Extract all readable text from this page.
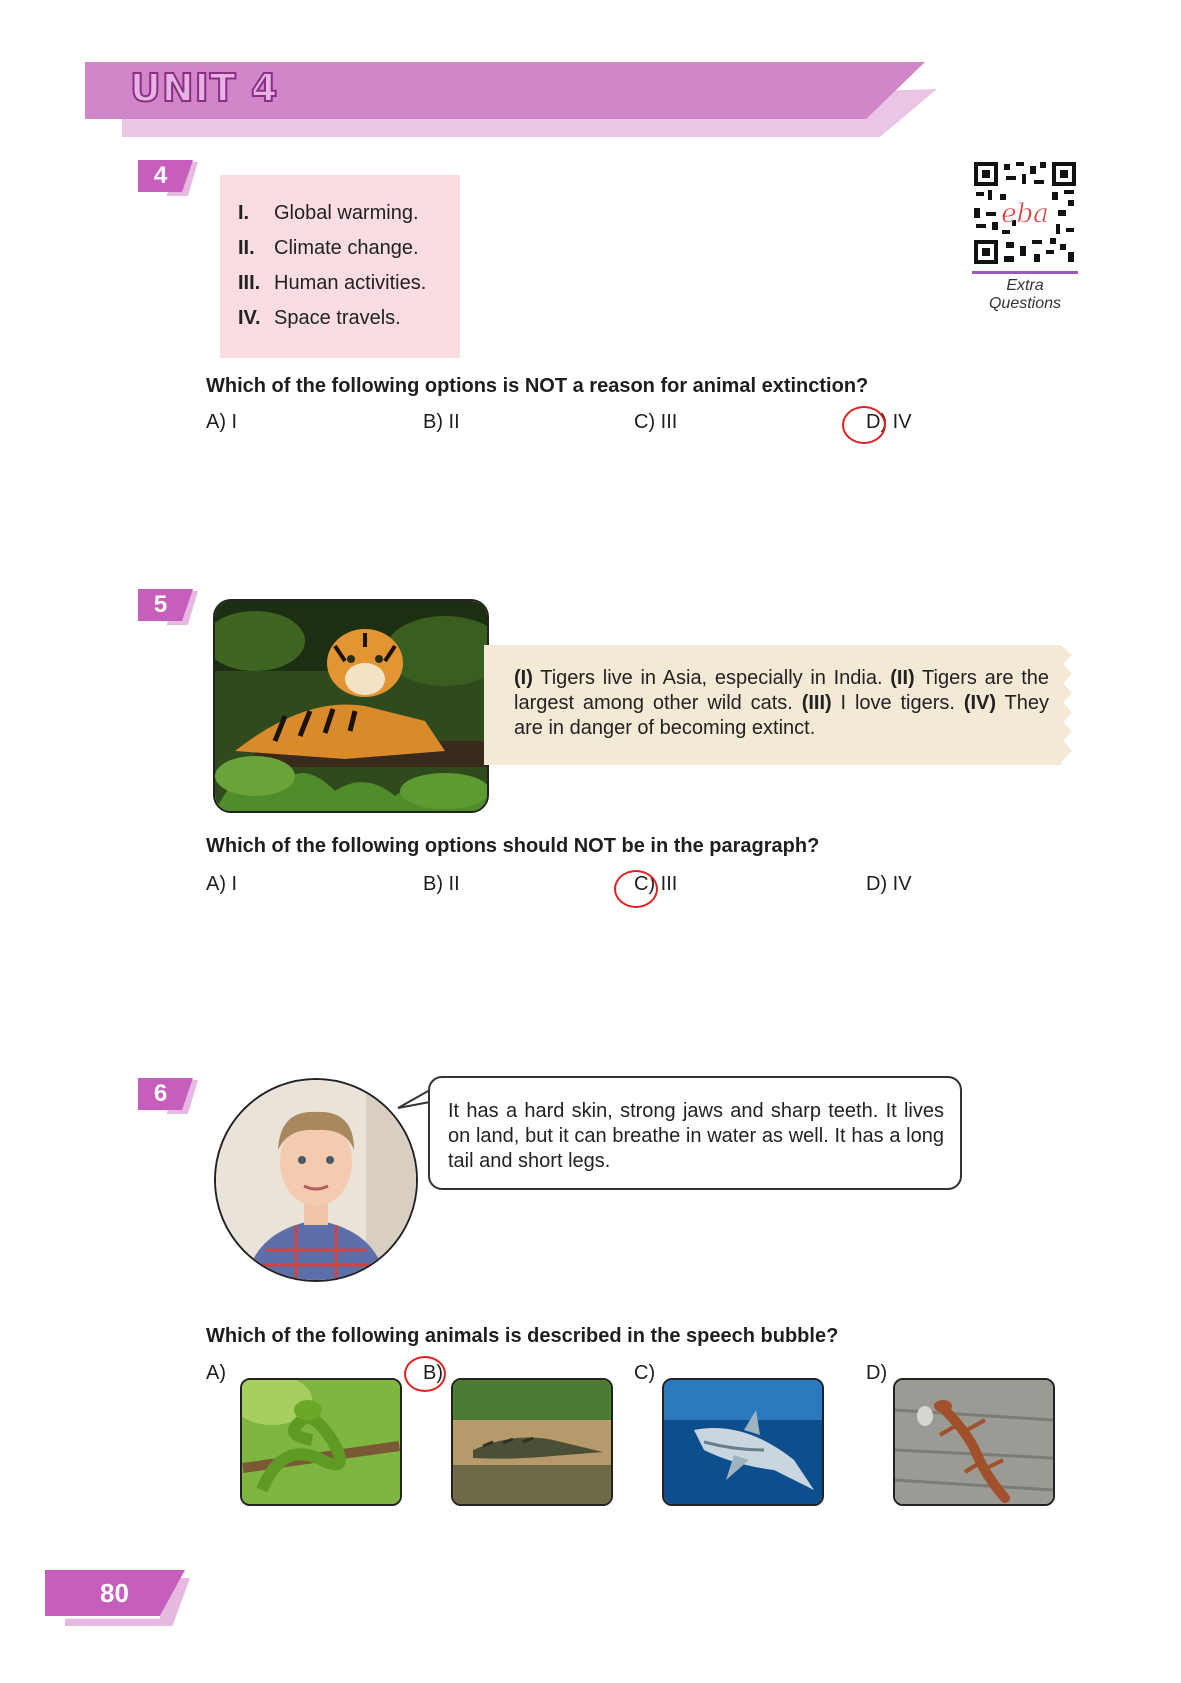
UNIT 4
eba
Extra
Questions
4
I. Global warming.
II. Climate change.
III. Human activities.
IV. Space travels.
Which of the following options is NOT a reason for animal extinction?
A) I	B) II	C) III	D) IV
5
(I) Tigers live in Asia, especially in India. (II) Tigers are the largest among other wild cats. (III) I love tigers. (IV) They are in danger of becoming extinct.
Which of the following options should NOT be in the paragraph?
A) I	B) II	C) III	D) IV
6
It has a hard skin, strong jaws and sharp teeth. It lives on land, but it can breathe in water as well. It has a long tail and short legs.
Which of the following animals is described in the speech bubble?
A)	B)	C)	D)
80
